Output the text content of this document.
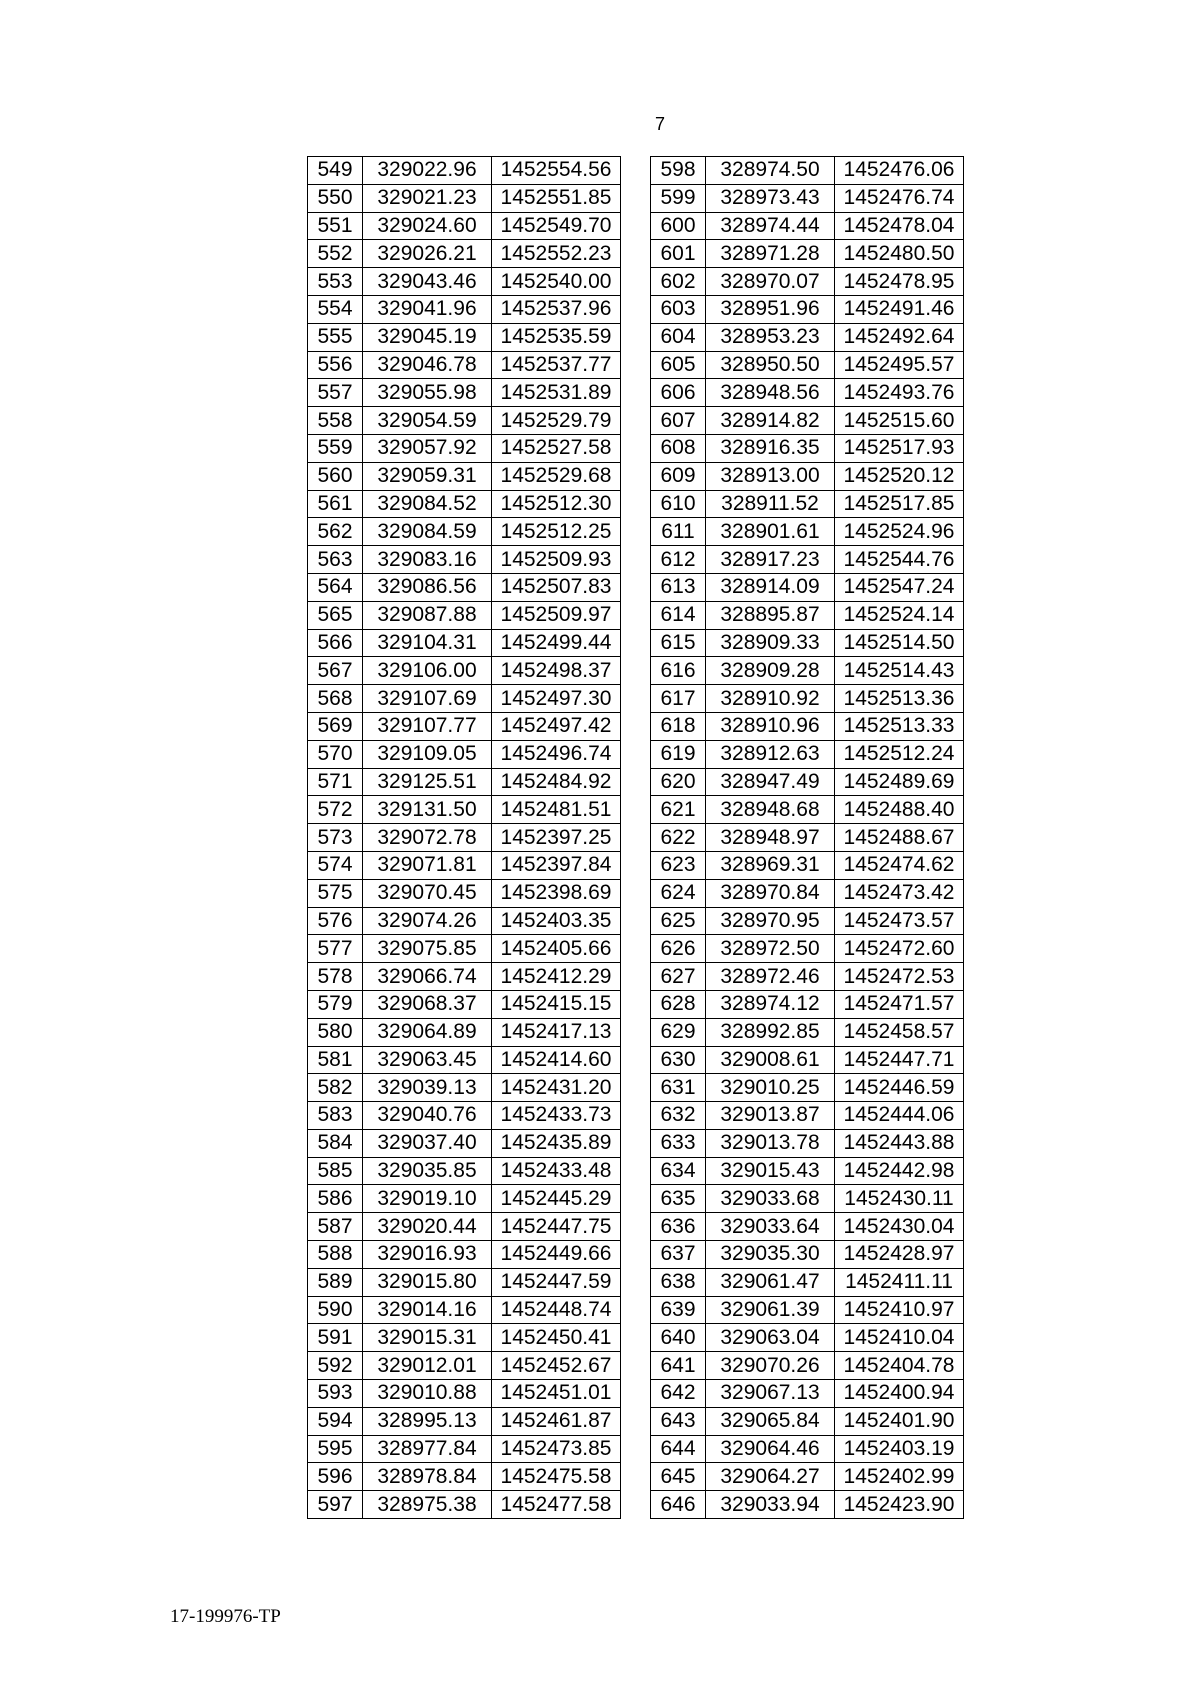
7
549	329022.96	1452554.56
550	329021.23	1452551.85
551	329024.60	1452549.70
552	329026.21	1452552.23
553	329043.46	1452540.00
554	329041.96	1452537.96
555	329045.19	1452535.59
556	329046.78	1452537.77
557	329055.98	1452531.89
558	329054.59	1452529.79
559	329057.92	1452527.58
560	329059.31	1452529.68
561	329084.52	1452512.30
562	329084.59	1452512.25
563	329083.16	1452509.93
564	329086.56	1452507.83
565	329087.88	1452509.97
566	329104.31	1452499.44
567	329106.00	1452498.37
568	329107.69	1452497.30
569	329107.77	1452497.42
570	329109.05	1452496.74
571	329125.51	1452484.92
572	329131.50	1452481.51
573	329072.78	1452397.25
574	329071.81	1452397.84
575	329070.45	1452398.69
576	329074.26	1452403.35
577	329075.85	1452405.66
578	329066.74	1452412.29
579	329068.37	1452415.15
580	329064.89	1452417.13
581	329063.45	1452414.60
582	329039.13	1452431.20
583	329040.76	1452433.73
584	329037.40	1452435.89
585	329035.85	1452433.48
586	329019.10	1452445.29
587	329020.44	1452447.75
588	329016.93	1452449.66
589	329015.80	1452447.59
590	329014.16	1452448.74
591	329015.31	1452450.41
592	329012.01	1452452.67
593	329010.88	1452451.01
594	328995.13	1452461.87
595	328977.84	1452473.85
596	328978.84	1452475.58
597	328975.38	1452477.58
598	328974.50	1452476.06
599	328973.43	1452476.74
600	328974.44	1452478.04
601	328971.28	1452480.50
602	328970.07	1452478.95
603	328951.96	1452491.46
604	328953.23	1452492.64
605	328950.50	1452495.57
606	328948.56	1452493.76
607	328914.82	1452515.60
608	328916.35	1452517.93
609	328913.00	1452520.12
610	328911.52	1452517.85
611	328901.61	1452524.96
612	328917.23	1452544.76
613	328914.09	1452547.24
614	328895.87	1452524.14
615	328909.33	1452514.50
616	328909.28	1452514.43
617	328910.92	1452513.36
618	328910.96	1452513.33
619	328912.63	1452512.24
620	328947.49	1452489.69
621	328948.68	1452488.40
622	328948.97	1452488.67
623	328969.31	1452474.62
624	328970.84	1452473.42
625	328970.95	1452473.57
626	328972.50	1452472.60
627	328972.46	1452472.53
628	328974.12	1452471.57
629	328992.85	1452458.57
630	329008.61	1452447.71
631	329010.25	1452446.59
632	329013.87	1452444.06
633	329013.78	1452443.88
634	329015.43	1452442.98
635	329033.68	1452430.11
636	329033.64	1452430.04
637	329035.30	1452428.97
638	329061.47	1452411.11
639	329061.39	1452410.97
640	329063.04	1452410.04
641	329070.26	1452404.78
642	329067.13	1452400.94
643	329065.84	1452401.90
644	329064.46	1452403.19
645	329064.27	1452402.99
646	329033.94	1452423.90
17-199976-TP
